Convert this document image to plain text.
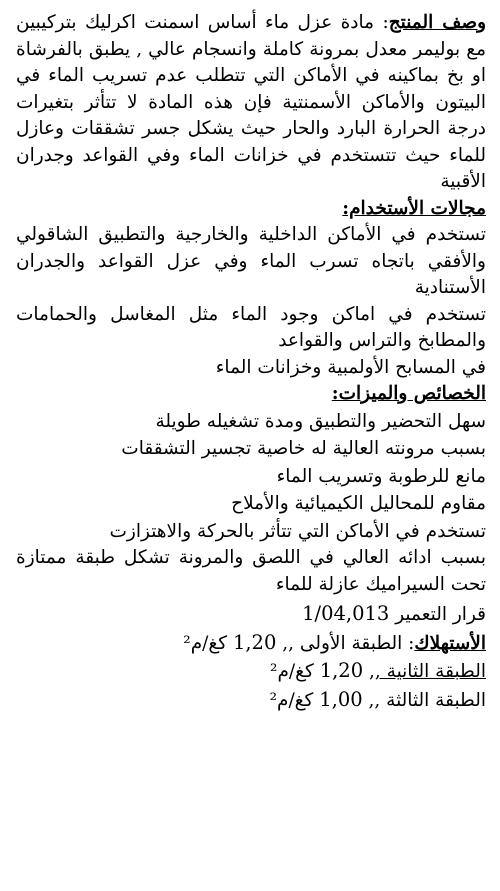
وصف المنتج: مادة عزل ماء أساس اسمنت اكرليك بتركيبين مع بوليمر معدل بمرونة كاملة وانسجام عالي , يطبق بالفرشاة او بخ بماكينه في الأماكن التي تتطلب عدم تسريب الماء في البيتون والأماكن الأسمنتية فإن هذه المادة لا تتأثر بتغيرات درجة الحرارة البارد والحار حيث يشكل جسر تشققات وعازل للماء حيث تتستخدم في خزانات الماء وفي القواعد وجدران الأقبية

مجالات الأستخدام:

تستخدم في الأماكن الداخلية والخارجية والتطبيق الشاقولي والأفقي باتجاه تسرب الماء وفي عزل القواعد والجدران الأستنادية

تستخدم في اماكن وجود الماء مثل المغاسل والحمامات والمطابخ والتراس والقواعد

في المسابح الأولمبية وخزانات الماء

الخصائص والميزات:

سهل التحضير والتطبيق ومدة تشغيله طويلة

بسبب مرونته العالية له خاصية تجسير التشققات

مانع للرطوبة وتسريب الماء

مقاوم للمحاليل الكيميائية والأملاح

تستخدم في الأماكن التي تتأثر بالحركة والاهتزازت

بسبب ادائه العالي في اللصق والمرونة تشكل طبقة ممتازة تحت السيراميك عازلة للماء

قرار التعمير 1/04,013

الأستهلاك: الطبقة الأولى ,, 1,20 كغ/م²

الطبقة الثانية ,, 1,20 كغ/م²

الطبقة الثالثة ,, 1,00 كغ/م²
